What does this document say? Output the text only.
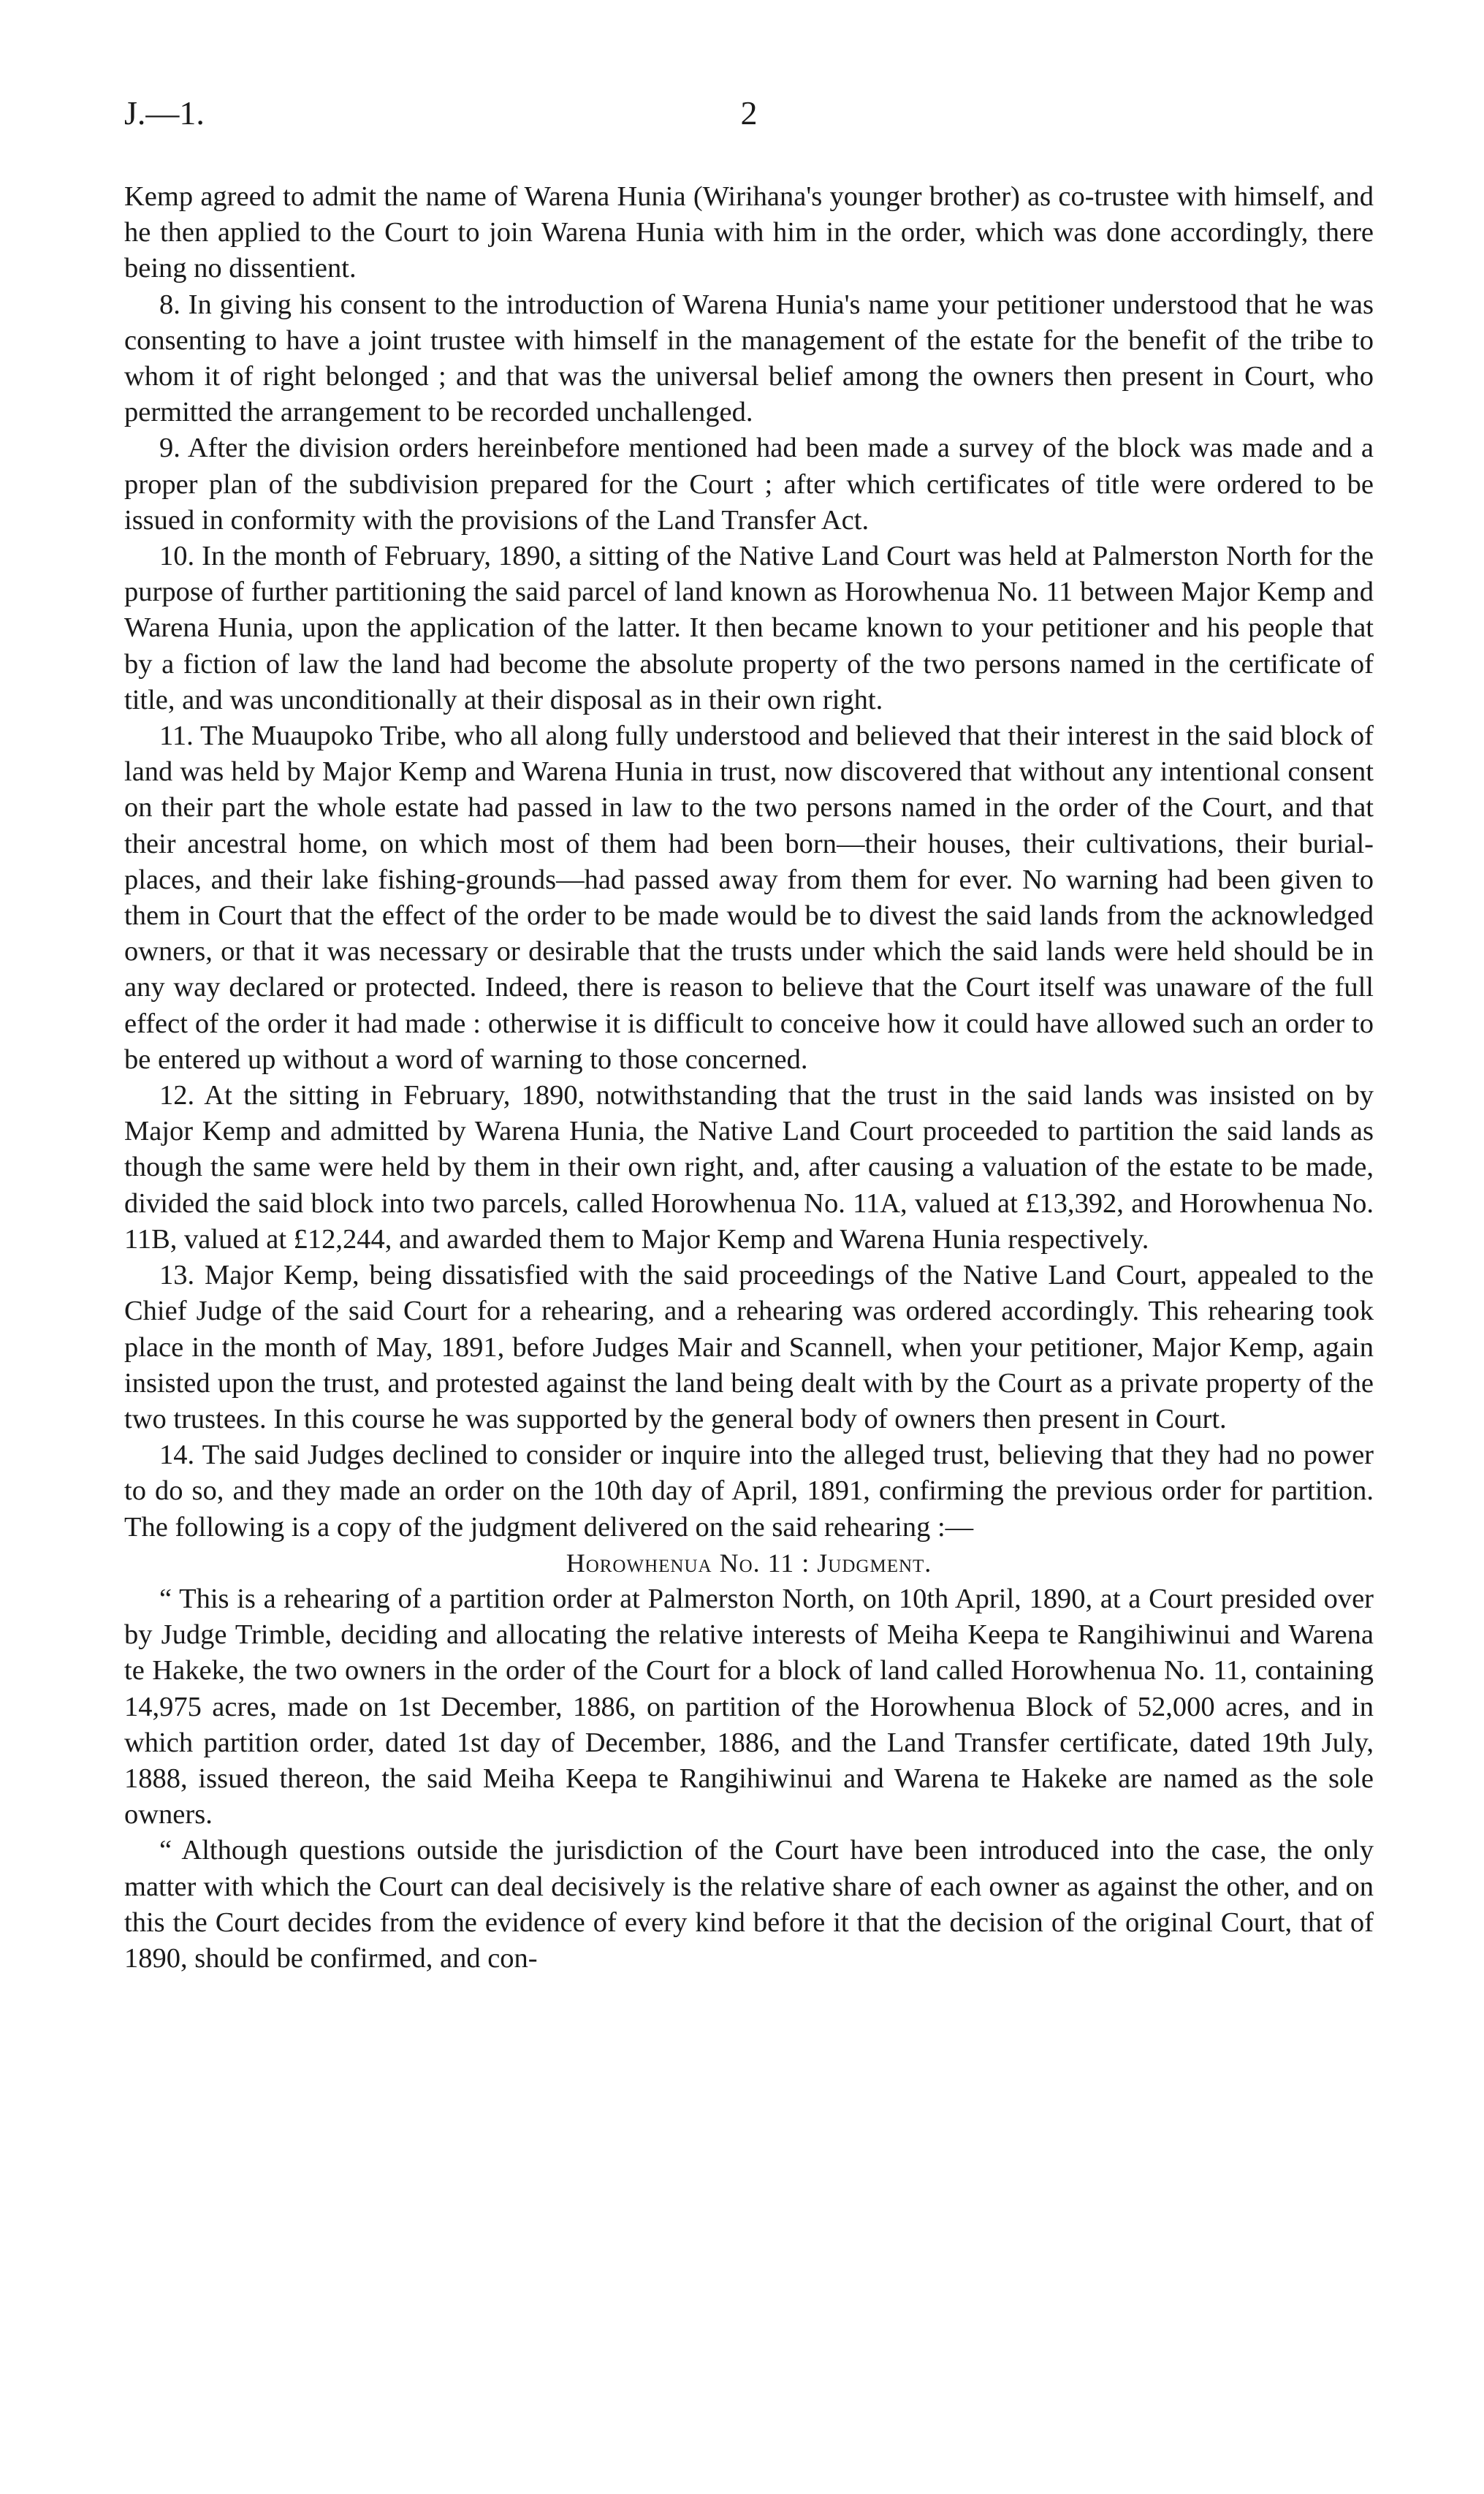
J.—1.	2

Kemp agreed to admit the name of Warena Hunia (Wirihana's younger brother) as co-trustee with himself, and he then applied to the Court to join Warena Hunia with him in the order, which was done accordingly, there being no dissentient.

8. In giving his consent to the introduction of Warena Hunia's name your petitioner understood that he was consenting to have a joint trustee with himself in the management of the estate for the benefit of the tribe to whom it of right belonged ; and that was the universal belief among the owners then present in Court, who permitted the arrangement to be recorded unchallenged.

9. After the division orders hereinbefore mentioned had been made a survey of the block was made and a proper plan of the subdivision prepared for the Court ; after which certificates of title were ordered to be issued in conformity with the provisions of the Land Transfer Act.

10. In the month of February, 1890, a sitting of the Native Land Court was held at Palmerston North for the purpose of further partitioning the said parcel of land known as Horowhenua No. 11 between Major Kemp and Warena Hunia, upon the application of the latter. It then became known to your petitioner and his people that by a fiction of law the land had become the absolute property of the two persons named in the certificate of title, and was unconditionally at their disposal as in their own right.

11. The Muaupoko Tribe, who all along fully understood and believed that their interest in the said block of land was held by Major Kemp and Warena Hunia in trust, now discovered that without any intentional consent on their part the whole estate had passed in law to the two persons named in the order of the Court, and that their ancestral home, on which most of them had been born—their houses, their cultivations, their burial-places, and their lake fishing-grounds—had passed away from them for ever. No warning had been given to them in Court that the effect of the order to be made would be to divest the said lands from the acknowledged owners, or that it was necessary or desirable that the trusts under which the said lands were held should be in any way declared or protected. Indeed, there is reason to believe that the Court itself was unaware of the full effect of the order it had made : otherwise it is difficult to conceive how it could have allowed such an order to be entered up without a word of warning to those concerned.

12. At the sitting in February, 1890, notwithstanding that the trust in the said lands was insisted on by Major Kemp and admitted by Warena Hunia, the Native Land Court proceeded to partition the said lands as though the same were held by them in their own right, and, after causing a valuation of the estate to be made, divided the said block into two parcels, called Horowhenua No. 11A, valued at £13,392, and Horowhenua No. 11B, valued at £12,244, and awarded them to Major Kemp and Warena Hunia respectively.

13. Major Kemp, being dissatisfied with the said proceedings of the Native Land Court, appealed to the Chief Judge of the said Court for a rehearing, and a rehearing was ordered accordingly. This rehearing took place in the month of May, 1891, before Judges Mair and Scannell, when your petitioner, Major Kemp, again insisted upon the trust, and protested against the land being dealt with by the Court as a private property of the two trustees. In this course he was supported by the general body of owners then present in Court.

14. The said Judges declined to consider or inquire into the alleged trust, believing that they had no power to do so, and they made an order on the 10th day of April, 1891, confirming the previous order for partition. The following is a copy of the judgment delivered on the said rehearing :—

Horowhenua No. 11 : Judgment.

“ This is a rehearing of a partition order at Palmerston North, on 10th April, 1890, at a Court presided over by Judge Trimble, deciding and allocating the relative interests of Meiha Keepa te Rangihiwinui and Warena te Hakeke, the two owners in the order of the Court for a block of land called Horowhenua No. 11, containing 14,975 acres, made on 1st December, 1886, on partition of the Horowhenua Block of 52,000 acres, and in which partition order, dated 1st day of December, 1886, and the Land Transfer certificate, dated 19th July, 1888, issued thereon, the said Meiha Keepa te Rangihiwinui and Warena te Hakeke are named as the sole owners.

“ Although questions outside the jurisdiction of the Court have been introduced into the case, the only matter with which the Court can deal decisively is the relative share of each owner as against the other, and on this the Court decides from the evidence of every kind before it that the decision of the original Court, that of 1890, should be confirmed, and con-
